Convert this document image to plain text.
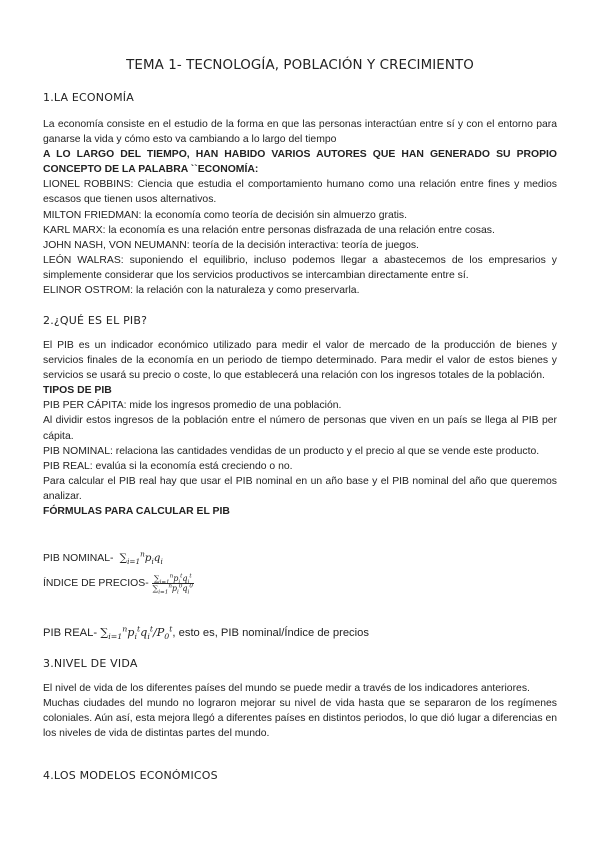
TEMA 1- TECNOLOGÍA, POBLACIÓN Y CRECIMIENTO
1.LA ECONOMÍA

La economía consiste en el estudio de la forma en que las personas interactúan entre sí y con el entorno para ganarse la vida y cómo esto va cambiando a lo largo del tiempo

A LO LARGO DEL TIEMPO, HAN HABIDO VARIOS AUTORES QUE HAN GENERADO SU PROPIO CONCEPTO DE LA PALABRA ``ECONOMÍA:

LIONEL ROBBINS: Ciencia que estudia el comportamiento humano como una relación entre fines y medios escasos que tienen usos alternativos.

MILTON FRIEDMAN: la economía como teoría de decisión sin almuerzo gratis.

KARL MARX: la economía es una relación entre personas disfrazada de una relación entre cosas.

JOHN NASH, VON NEUMANN: teoría de la decisión interactiva: teoría de juegos.

LEÓN WALRAS: suponiendo el equilibrio, incluso podemos llegar a abastecemos de los empresarios y simplemente considerar que los servicios productivos se intercambian directamente entre sí.

ELINOR OSTROM: la relación con la naturaleza y como preservarla.

2.¿QUÉ ES EL PIB?

El PIB es un indicador económico utilizado para medir el valor de mercado de la producción de bienes y servicios finales de la economía en un periodo de tiempo determinado. Para medir el valor de estos bienes y servicios se usará su precio o coste, lo que establecerá una relación con los ingresos totales de la población.

TIPOS DE PIB

PIB PER CÁPITA: mide los ingresos promedio de una población.

Al dividir estos ingresos de la población entre el número de personas que viven en un país se llega al PIB per cápita.

PIB NOMINAL: relaciona las cantidades vendidas de un producto y el precio al que se vende este producto.

PIB REAL: evalúa si la economía está creciendo o no.

Para calcular el PIB real hay que usar el PIB nominal en un año base y el PIB nominal del año que queremos analizar.

FÓRMULAS PARA CALCULAR EL PIB

PIB NOMINAL- $\sum_{i=1}^np_iq_i$
ÍNDICE DE PRECIOS- $\frac{\sum_{i=1}^np_i^tq_i^t}{\sum_{i=1}^np_i^0q_i^0}$
PIB REAL- $\sum_{i=1}^np_i^tq_i^t/P_0^t$, esto es, PIB nominal/Índice de precios
3.NIVEL DE VIDA

El nivel de vida de los diferentes países del mundo se puede medir a través de los indicadores anteriores.

Muchas ciudades del mundo no lograron mejorar su nivel de vida hasta que se separaron de los regímenes coloniales. Aún así, esta mejora llegó a diferentes países en distintos periodos, lo que dió lugar a diferencias en los niveles de vida de distintas partes del mundo.

4.LOS MODELOS ECONÓMICOS
